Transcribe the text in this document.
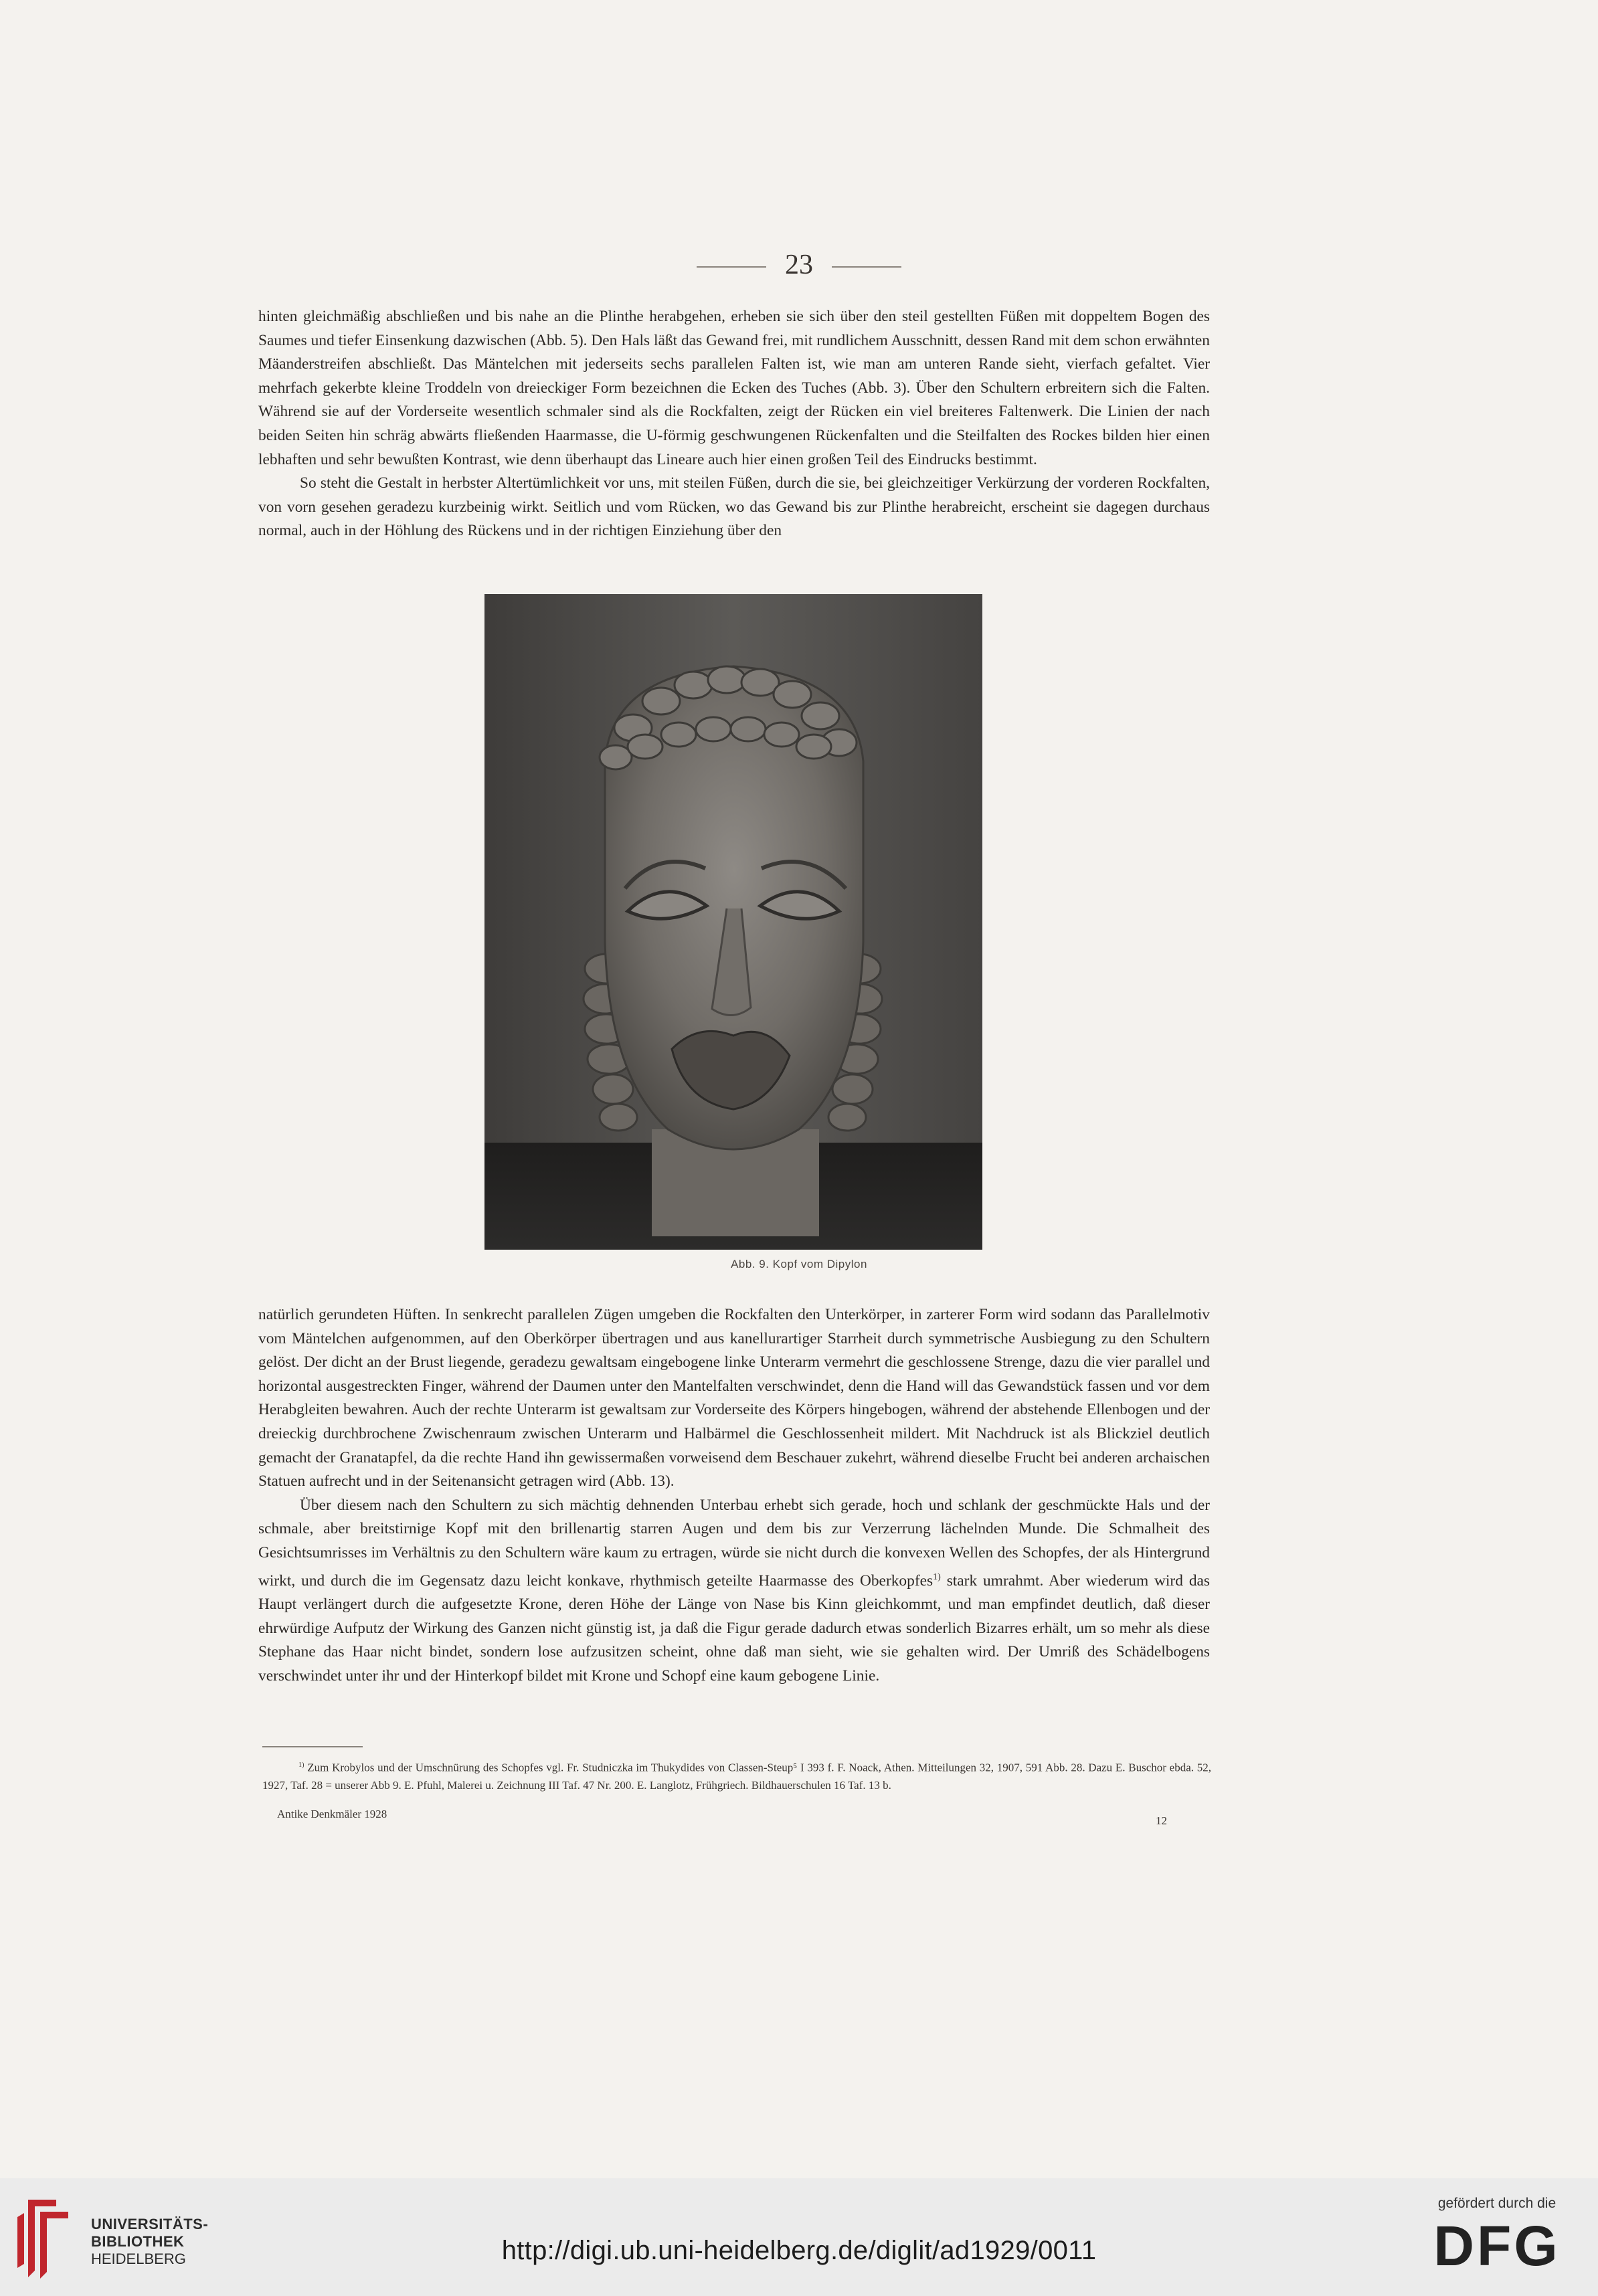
23

hinten gleichmäßig abschließen und bis nahe an die Plinthe herabgehen, erheben sie sich über den steil gestellten Füßen mit doppeltem Bogen des Saumes und tiefer Einsenkung dazwischen (Abb. 5). Den Hals läßt das Gewand frei, mit rundlichem Ausschnitt, dessen Rand mit dem schon erwähnten Mäanderstreifen abschließt. Das Mäntelchen mit jederseits sechs parallelen Falten ist, wie man am unteren Rande sieht, vierfach gefaltet. Vier mehrfach gekerbte kleine Troddeln von dreieckiger Form bezeichnen die Ecken des Tuches (Abb. 3). Über den Schultern erbreitern sich die Falten. Während sie auf der Vorderseite wesentlich schmaler sind als die Rockfalten, zeigt der Rücken ein viel breiteres Faltenwerk. Die Linien der nach beiden Seiten hin schräg abwärts fließenden Haarmasse, die U-förmig geschwungenen Rückenfalten und die Steilfalten des Rockes bilden hier einen lebhaften und sehr bewußten Kontrast, wie denn überhaupt das Lineare auch hier einen großen Teil des Eindrucks bestimmt.

So steht die Gestalt in herbster Altertümlichkeit vor uns, mit steilen Füßen, durch die sie, bei gleichzeitiger Verkürzung der vorderen Rockfalten, von vorn gesehen geradezu kurzbeinig wirkt. Seitlich und vom Rücken, wo das Gewand bis zur Plinthe herabreicht, erscheint sie dagegen durchaus normal, auch in der Höhlung des Rückens und in der richtigen Einziehung über den

Abb. 9. Kopf vom Dipylon

natürlich gerundeten Hüften. In senkrecht parallelen Zügen umgeben die Rockfalten den Unterkörper, in zarterer Form wird sodann das Parallelmotiv vom Mäntelchen aufgenommen, auf den Oberkörper übertragen und aus kanellurartiger Starrheit durch symmetrische Ausbiegung zu den Schultern gelöst. Der dicht an der Brust liegende, geradezu gewaltsam eingebogene linke Unterarm vermehrt die geschlossene Strenge, dazu die vier parallel und horizontal ausgestreckten Finger, während der Daumen unter den Mantelfalten verschwindet, denn die Hand will das Gewandstück fassen und vor dem Herabgleiten bewahren. Auch der rechte Unterarm ist gewaltsam zur Vorderseite des Körpers hingebogen, während der abstehende Ellenbogen und der dreieckig durchbrochene Zwischenraum zwischen Unterarm und Halbärmel die Geschlossenheit mildert. Mit Nachdruck ist als Blickziel deutlich gemacht der Granatapfel, da die rechte Hand ihn gewissermaßen vorweisend dem Beschauer zukehrt, während dieselbe Frucht bei anderen archaischen Statuen aufrecht und in der Seitenansicht getragen wird (Abb. 13).

Über diesem nach den Schultern zu sich mächtig dehnenden Unterbau erhebt sich gerade, hoch und schlank der geschmückte Hals und der schmale, aber breitstirnige Kopf mit den brillenartig starren Augen und dem bis zur Verzerrung lächelnden Munde. Die Schmalheit des Gesichtsumrisses im Verhältnis zu den Schultern wäre kaum zu ertragen, würde sie nicht durch die konvexen Wellen des Schopfes, der als Hintergrund wirkt, und durch die im Gegensatz dazu leicht konkave, rhythmisch geteilte Haarmasse des Oberkopfes$^{1)}$ stark umrahmt. Aber wiederum wird das Haupt verlängert durch die aufgesetzte Krone, deren Höhe der Länge von Nase bis Kinn gleichkommt, und man empfindet deutlich, daß dieser ehrwürdige Aufputz der Wirkung des Ganzen nicht günstig ist, ja daß die Figur gerade dadurch etwas sonderlich Bizarres erhält, um so mehr als diese Stephane das Haar nicht bindet, sondern lose aufzusitzen scheint, ohne daß man sieht, wie sie gehalten wird. Der Umriß des Schädelbogens verschwindet unter ihr und der Hinterkopf bildet mit Krone und Schopf eine kaum gebogene Linie.

$^{1)}$ Zum Krobylos und der Umschnürung des Schopfes vgl. Fr. Studniczka im Thukydides von Classen-Steup⁵ I 393 f. F. Noack, Athen. Mitteilungen 32, 1907, 591 Abb. 28. Dazu E. Buschor ebda. 52, 1927, Taf. 28 = unserer Abb 9. E. Pfuhl, Malerei u. Zeichnung III Taf. 47 Nr. 200. E. Langlotz, Frühgriech. Bildhauerschulen 16 Taf. 13 b.

Antike Denkmäler 1928
12
UNIVERSITÄTS-
BIBLIOTHEK
HEIDELBERG	http://digi.ub.uni-heidelberg.de/diglit/ad1929/0011
gefördert durch die
DFG
